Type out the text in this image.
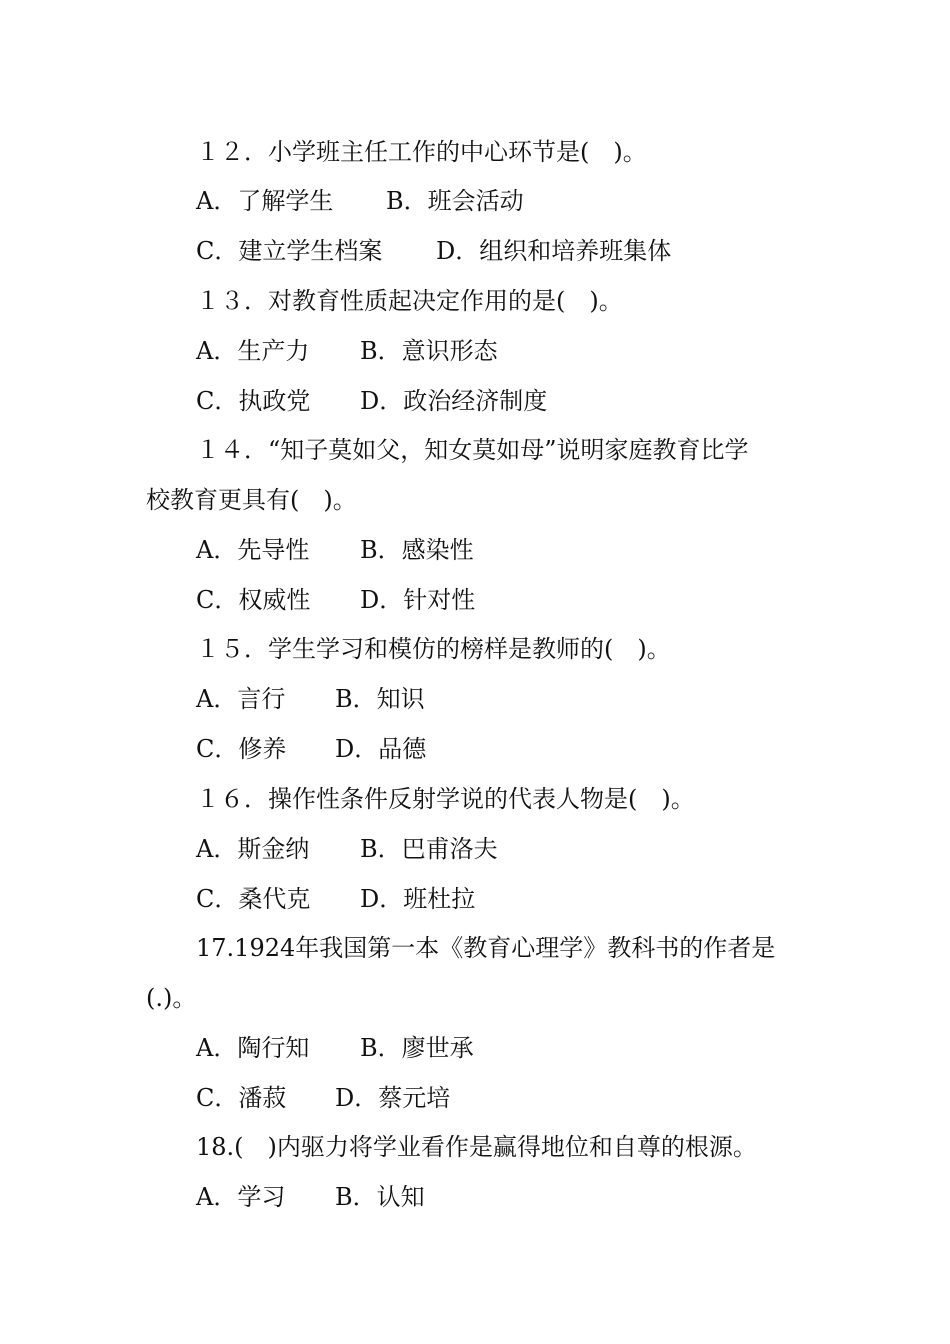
１２．小学班主任工作的中心环节是(　)。
A．了解学生 B．班会活动
C．建立学生档案 D．组织和培养班集体
１３．对教育性质起决定作用的是(　)。
A．生产力 B．意识形态
C．执政党 D．政治经济制度
１４．“知子莫如父，知女莫如母”说明家庭教育比学
校教育更具有(　)。
A．先导性 B．感染性
C．权威性 D．针对性
１５．学生学习和模仿的榜样是教师的(　)。
A．言行 B．知识
C．修养 D．品德
１６．操作性条件反射学说的代表人物是(　)。
A．斯金纳 B．巴甫洛夫
C．桑代克 D．班杜拉
17.1924年我国第一本《教育心理学》教科书的作者是
(.)。
A．陶行知 B．廖世承
C．潘菽 D．蔡元培
18.(　)内驱力将学业看作是赢得地位和自尊的根源。
A．学习 B．认知
